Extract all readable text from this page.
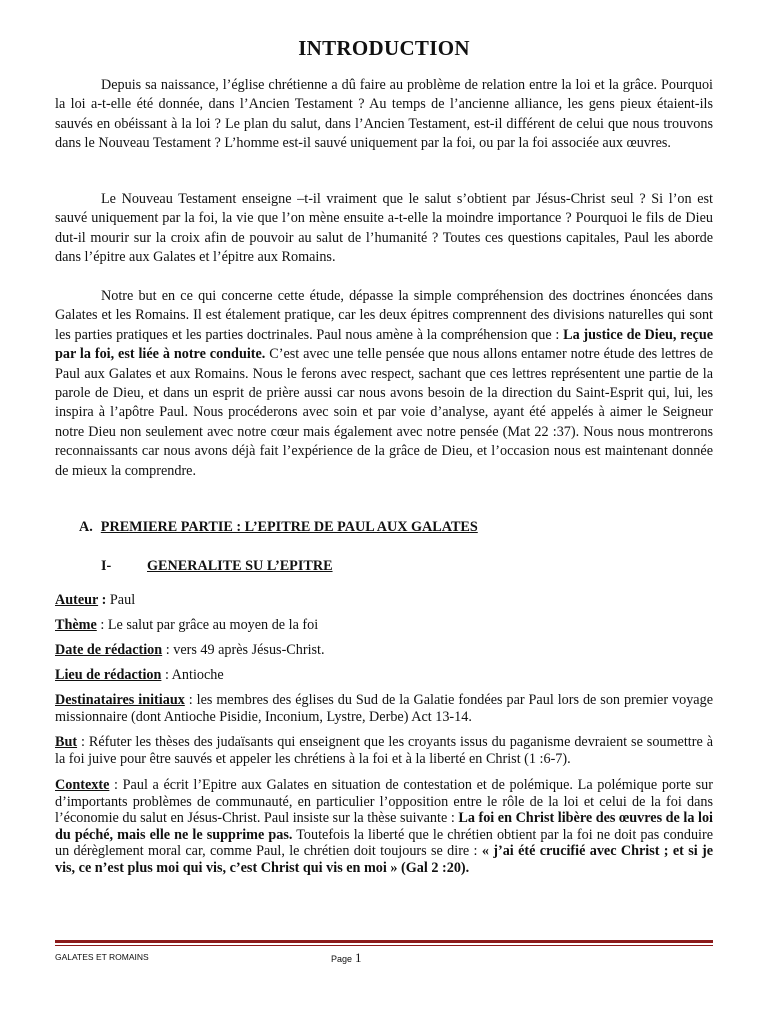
INTRODUCTION

Depuis sa naissance, l’église chrétienne a dû faire au problème de relation entre la loi et la grâce. Pourquoi la loi a-t-elle été donnée, dans l’Ancien Testament ? Au temps de l’ancienne alliance, les gens pieux étaient-ils sauvés en obéissant à la loi ? Le plan du salut, dans l’Ancien Testament, est-il différent de celui que nous trouvons dans le Nouveau Testament ? L’homme est-il sauvé uniquement par la foi, ou par la foi associée aux œuvres.

Le Nouveau Testament enseigne –t-il vraiment que le salut s’obtient par Jésus-Christ seul ? Si l’on est sauvé uniquement par la foi, la vie que l’on mène ensuite a-t-elle la moindre importance ? Pourquoi le fils de Dieu dut-il mourir sur la croix afin de pouvoir au salut de l’humanité ? Toutes ces questions capitales, Paul les aborde dans l’épitre aux Galates et l’épitre aux Romains.

Notre but en ce qui concerne cette étude, dépasse la simple compréhension des doctrines énoncées dans Galates et les Romains. Il est étalement pratique, car les deux épitres comprennent des divisions naturelles qui sont les parties pratiques et les parties doctrinales. Paul nous amène à la compréhension que : La justice de Dieu, reçue par la foi, est liée à notre conduite. C’est avec une telle pensée que nous allons entamer notre étude des lettres de Paul aux Galates et aux Romains. Nous le ferons avec respect, sachant que ces lettres représentent une partie de la parole de Dieu, et dans un esprit de prière aussi car nous avons besoin de la direction du Saint-Esprit qui, lui, les inspira à l’apôtre Paul. Nous procéderons avec soin et par voie d’analyse, ayant été appelés à aimer le Seigneur notre Dieu non seulement avec notre cœur mais également avec notre pensée (Mat 22 :37). Nous nous montrerons reconnaissants car nous avons déjà fait l’expérience de la grâce de Dieu, et l’occasion nous est maintenant donnée de mieux la comprendre.

A. PREMIERE PARTIE : L’EPITRE DE PAUL AUX GALATES
I-	GENERALITE SU L’EPITRE

Auteur : Paul

Thème : Le salut par grâce au moyen de la foi

Date de rédaction : vers 49 après Jésus-Christ.

Lieu de rédaction : Antioche

Destinataires initiaux : les membres des églises du Sud de la Galatie fondées par Paul lors de son premier voyage missionnaire (dont Antioche Pisidie, Inconium, Lystre, Derbe) Act 13-14.

But : Réfuter les thèses des judaïsants qui enseignent que les croyants issus du paganisme devraient se soumettre à la foi juive pour être sauvés et appeler les chrétiens à la foi et à la liberté en Christ (1 :6-7).

Contexte : Paul a écrit l’Epitre aux Galates en situation de contestation et de polémique. La polémique porte sur d’importants problèmes de communauté, en particulier l’opposition entre le rôle de la loi et celui de la foi dans l’économie du salut en Jésus-Christ. Paul insiste sur la thèse suivante : La foi en Christ libère des œuvres de la loi du péché, mais elle ne le supprime pas. Toutefois la liberté que le chrétien obtient par la foi ne doit pas conduire un dérèglement moral car, comme Paul, le chrétien doit toujours se dire : « j’ai été crucifié avec Christ ; et si je vis, ce n’est plus moi qui vis, c’est Christ qui vis en moi » (Gal 2 :20).

GALATES ET ROMAINS	Page 1
